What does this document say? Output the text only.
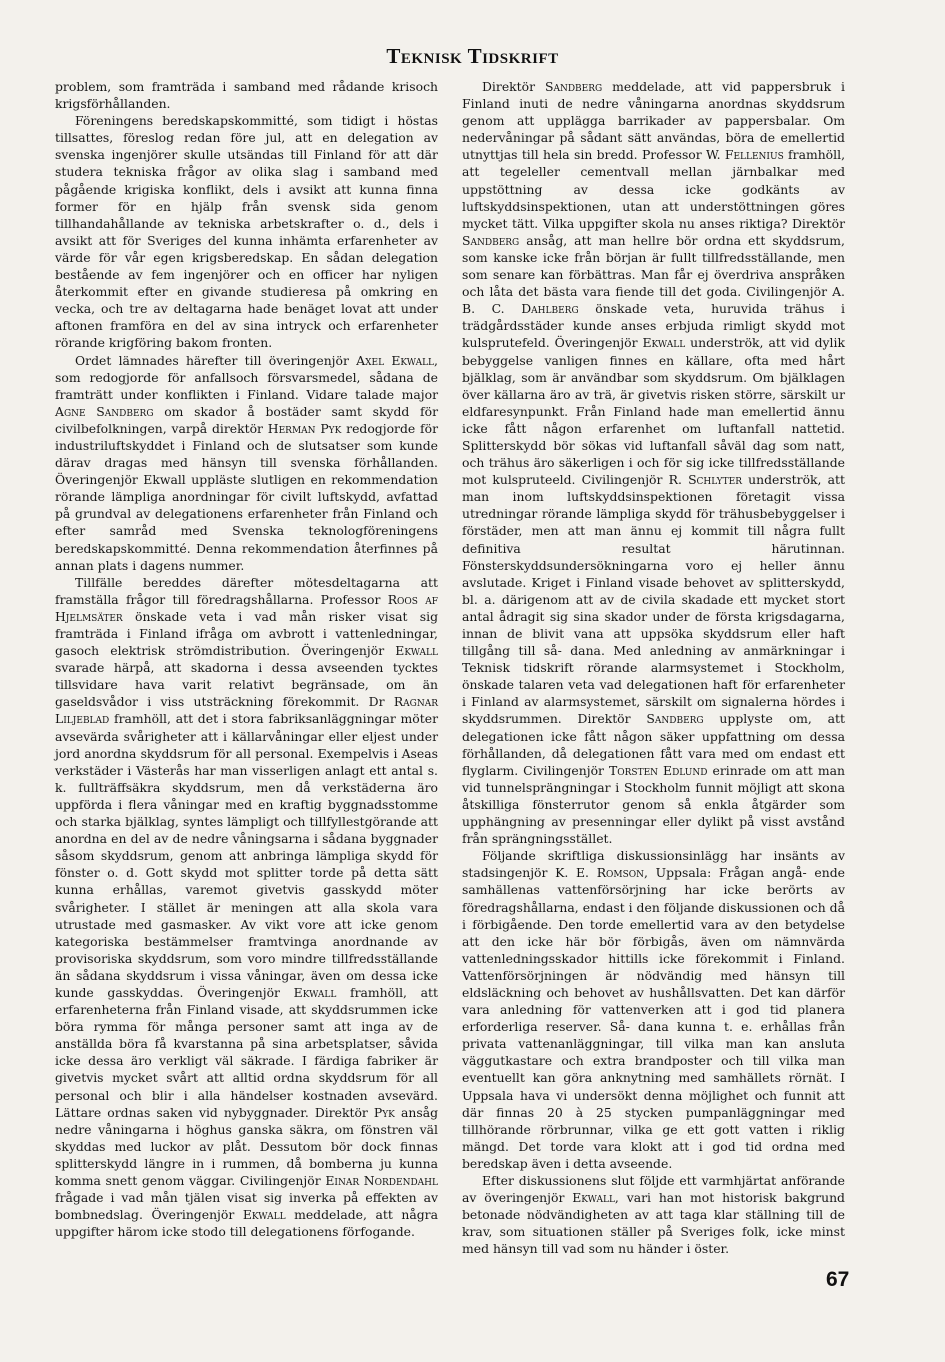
Teknisk Tidskrift

problem, som framträda i samband med rådande krisoch krigsförhållanden.

Föreningens beredskapskommitté, som tidigt i höstas tillsattes, föreslog redan före jul, att en delegation av svenska ingenjörer skulle utsändas till Finland för att där studera tekniska frågor av olika slag i samband med pågående krigiska konflikt, dels i avsikt att kunna finna former för en hjälp från svensk sida genom tillhandahållande av tekniska arbetskrafter o. d., dels i avsikt att för Sveriges del kunna inhämta erfarenheter av värde för vår egen krigsberedskap. En sådan delegation bestående av fem ingenjörer och en officer har nyligen återkommit efter en givande studieresa på omkring en vecka, och tre av deltagarna hade benäget lovat att under aftonen framföra en del av sina intryck och erfarenheter rörande krigföring bakom fronten.

Ordet lämnades härefter till överingenjör Axel Ekwall, som redogjorde för anfallsoch försvarsmedel, sådana de framträtt under konflikten i Finland. Vidare talade major Agne Sandberg om skador å bostäder samt skydd för civilbefolkningen, varpå direktör Herman Pyk redogjorde för industriluftskyddet i Finland och de slutsatser som kunde därav dragas med hänsyn till svenska förhållanden. Överingenjör Ekwall uppläste slutligen en rekommendation rörande lämpliga anordningar för civilt luftskydd, avfattad på grundval av delegationens erfarenheter från Finland och efter samråd med Svenska teknologföreningens beredskapskommitté. Denna rekommendation återfinnes på annan plats i dagens nummer.

Tillfälle bereddes därefter mötesdeltagarna att framställa frågor till föredragshållarna. Professor Roos af Hjelmsäter önskade veta i vad mån risker visat sig framträda i Finland ifråga om avbrott i vattenledningar, gasoch elektrisk strömdistribution. Överingenjör Ekwall svarade härpå, att skadorna i dessa avseenden tycktes tillsvidare hava varit relativt begränsade, om än gaseldsvådor i viss utsträckning förekommit. Dr Ragnar Liljeblad framhöll, att det i stora fabriksanläggningar möter avsevärda svårigheter att i källarvåningar eller eljest under jord anordna skyddsrum för all personal. Exempelvis i Aseas verkstäder i Västerås har man visserligen anlagt ett antal s. k. fullträffsäkra skyddsrum, men då verkstäderna äro uppförda i flera våningar med en kraftig byggnadsstomme och starka bjälklag, syntes lämpligt och tillfyllestgörande att anordna en del av de nedre våningsarna i sådana byggnader såsom skyddsrum, genom att anbringa lämpliga skydd för fönster o. d. Gott skydd mot splitter torde på detta sätt kunna erhållas, varemot givetvis gasskydd möter svårigheter. I stället är meningen att alla skola vara utrustade med gasmasker. Av vikt vore att icke genom kategoriska bestämmelser framtvinga anordnande av provisoriska skyddsrum, som voro mindre tillfredsställande än sådana skyddsrum i vissa våningar, även om dessa icke kunde gasskyddas. Överingenjör Ekwall framhöll, att erfarenheterna från Finland visade, att skyddsrummen icke böra rymma för många personer samt att inga av de anställda böra få kvarstanna på sina arbetsplatser, såvida icke dessa äro verkligt väl säkrade. I färdiga fabriker är givetvis mycket svårt att alltid ordna skyddsrum för all personal och blir i alla händelser kostnaden avsevärd. Lättare ordnas saken vid nybyggnader. Direktör Pyk ansåg nedre våningarna i höghus ganska säkra, om fönstren väl skyddas med luckor av plåt. Dessutom bör dock finnas splitterskydd längre in i rummen, då bomberna ju kunna komma snett genom väggar. Civilingenjör Einar Nordendahl frågade i vad mån tjälen visat sig inverka på effekten av bombnedslag. Överingenjör Ekwall meddelade, att några uppgifter härom icke stodo till delegationens förfogande.

Direktör Sandberg meddelade, att vid pappersbruk i Finland inuti de nedre våningarna anordnas skyddsrum genom att upplägga barrikader av pappersbalar. Om nedervåningar på sådant sätt användas, böra de emellertid utnyttjas till hela sin bredd. Professor W. Fellenius framhöll, att tegeleller cementvall mellan järnbalkar med uppstöttning av dessa icke godkänts av luftskyddsinspektionen, utan att understöttningen göres mycket tätt. Vilka uppgifter skola nu anses riktiga? Direktör Sandberg ansåg, att man hellre bör ordna ett skyddsrum, som kanske icke från början är fullt tillfredsställande, men som senare kan förbättras. Man får ej överdriva anspråken och låta det bästa vara fiende till det goda. Civilingenjör A. B. C. Dahlberg önskade veta, huruvida trähus i trädgårdsstäder kunde anses erbjuda rimligt skydd mot kulsprutefeld. Överingenjör Ekwall underströk, att vid dylik bebyggelse vanligen finnes en källare, ofta med hårt bjälklag, som är användbar som skyddsrum. Om bjälklagen över källarna äro av trä, är givetvis risken större, särskilt ur eldfaresynpunkt. Från Finland hade man emellertid ännu icke fått någon erfarenhet om luftanfall nattetid. Splitterskydd bör sökas vid luftanfall såväl dag som natt, och trähus äro säkerligen i och för sig icke tillfredsställande mot kulspruteeld. Civilingenjör R. Schlyter underströk, att man inom luftskyddsinspektionen företagit vissa utredningar rörande lämpliga skydd för trähusbebyggelser i förstäder, men att man ännu ej kommit till några fullt definitiva resultat härutinnan. Fönsterskyddsundersökningarna voro ej heller ännu avslutade. Kriget i Finland visade behovet av splitterskydd, bl. a. därigenom att av de civila skadade ett mycket stort antal ådragit sig sina skador under de första krigsdagarna, innan de blivit vana att uppsöka skyddsrum eller haft tillgång till så- dana. Med anledning av anmärkningar i Teknisk tidskrift rörande alarmsystemet i Stockholm, önskade talaren veta vad delegationen haft för erfarenheter i Finland av alarmsystemet, särskilt om signalerna hördes i skyddsrummen. Direktör Sandberg upplyste om, att delegationen icke fått någon säker uppfattning om dessa förhållanden, då delegationen fått vara med om endast ett flyglarm. Civilingenjör Torsten Edlund erinrade om att man vid tunnelsprängningar i Stockholm funnit möjligt att skona åtskilliga fönsterrutor genom så enkla åtgärder som upphängning av presenningar eller dylikt på visst avstånd från sprängningsstället.

Följande skriftliga diskussionsinlägg har insänts av stadsingenjör K. E. Romson, Uppsala: Frågan angå- ende samhällenas vattenförsörjning har icke berörts av föredragshållarna, endast i den följande diskussionen och då i förbigående. Den torde emellertid vara av den betydelse att den icke här bör förbigås, även om nämnvärda vattenledningsskador hittills icke förekommit i Finland. Vattenförsörjningen är nödvändig med hänsyn till eldsläckning och behovet av hushållsvatten. Det kan därför vara anledning för vattenverken att i god tid planera erforderliga reserver. Så- dana kunna t. e. erhållas från privata vattenanläggningar, till vilka man kan ansluta väggutkastare och extra brandposter och till vilka man eventuellt kan göra anknytning med samhällets rörnät. I Uppsala hava vi undersökt denna möjlighet och funnit att där finnas 20 à 25 stycken pumpanläggningar med tillhörande rörbrunnar, vilka ge ett gott vatten i riklig mängd. Det torde vara klokt att i god tid ordna med beredskap även i detta avseende.

Efter diskussionens slut följde ett varmhjärtat anförande av överingenjör Ekwall, vari han mot historisk bakgrund betonade nödvändigheten av att taga klar ställning till de krav, som situationen ställer på Sveriges folk, icke minst med hänsyn till vad som nu händer i öster.

67
